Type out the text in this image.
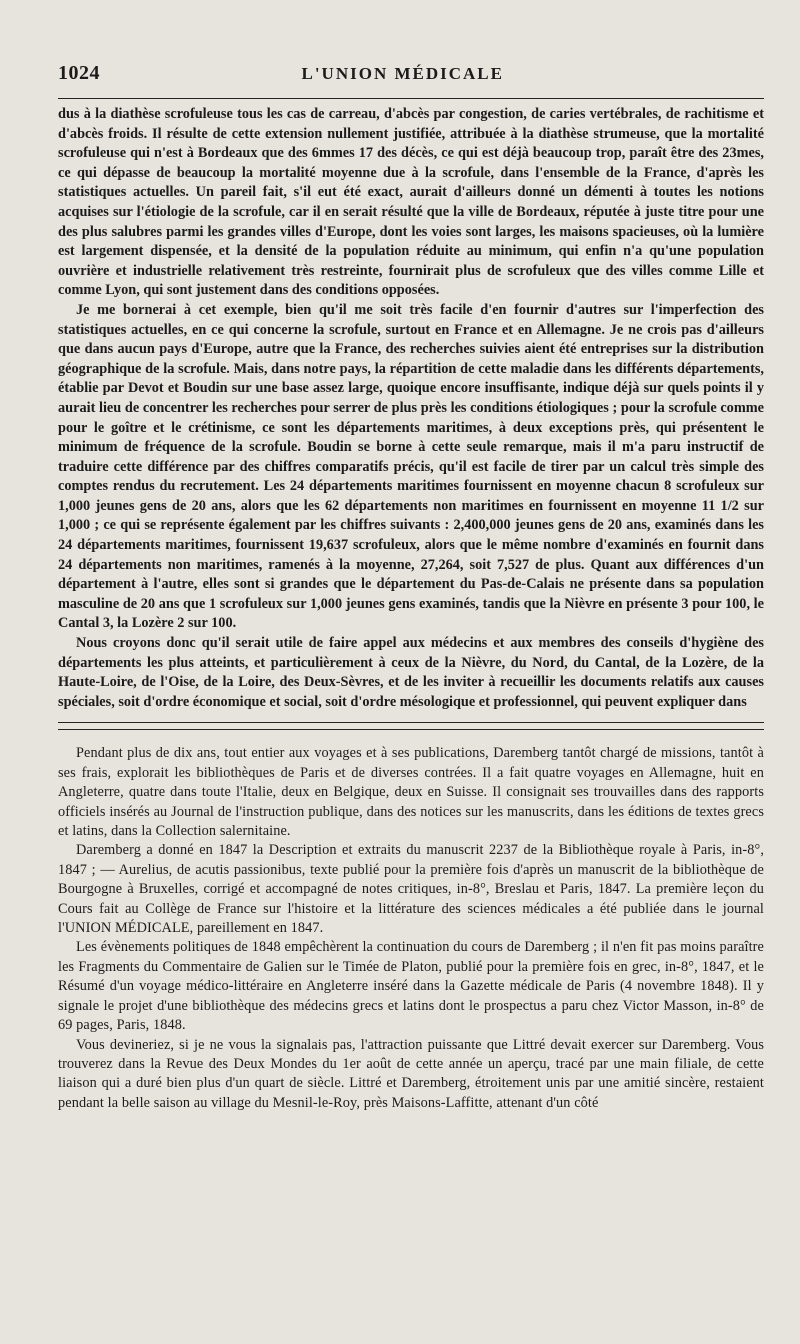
1024	L'UNION MÉDICALE

dus à la diathèse scrofuleuse tous les cas de carreau, d'abcès par congestion, de caries vertébrales, de rachitisme et d'abcès froids. Il résulte de cette extension nullement justifiée, attribuée à la diathèse strumeuse, que la mortalité scrofuleuse qui n'est à Bordeaux que des 6mmes 17 des décès, ce qui est déjà beaucoup trop, paraît être des 23mes, ce qui dépasse de beaucoup la mortalité moyenne due à la scrofule, dans l'ensemble de la France, d'après les statistiques actuelles. Un pareil fait, s'il eut été exact, aurait d'ailleurs donné un démenti à toutes les notions acquises sur l'étiologie de la scrofule, car il en serait résulté que la ville de Bordeaux, réputée à juste titre pour une des plus salubres parmi les grandes villes d'Europe, dont les voies sont larges, les maisons spacieuses, où la lumière est largement dispensée, et la densité de la population réduite au minimum, qui enfin n'a qu'une population ouvrière et industrielle relativement très restreinte, fournirait plus de scrofuleux que des villes comme Lille et comme Lyon, qui sont justement dans des conditions opposées.

Je me bornerai à cet exemple, bien qu'il me soit très facile d'en fournir d'autres sur l'imperfection des statistiques actuelles, en ce qui concerne la scrofule, surtout en France et en Allemagne. Je ne crois pas d'ailleurs que dans aucun pays d'Europe, autre que la France, des recherches suivies aient été entreprises sur la distribution géographique de la scrofule. Mais, dans notre pays, la répartition de cette maladie dans les différents départements, établie par Devot et Boudin sur une base assez large, quoique encore insuffisante, indique déjà sur quels points il y aurait lieu de concentrer les recherches pour serrer de plus près les conditions étiologiques ; pour la scrofule comme pour le goître et le crétinisme, ce sont les départements maritimes, à deux exceptions près, qui présentent le minimum de fréquence de la scrofule. Boudin se borne à cette seule remarque, mais il m'a paru instructif de traduire cette différence par des chiffres comparatifs précis, qu'il est facile de tirer par un calcul très simple des comptes rendus du recrutement. Les 24 départements maritimes fournissent en moyenne chacun 8 scrofuleux sur 1,000 jeunes gens de 20 ans, alors que les 62 départements non maritimes en fournissent en moyenne 11 1/2 sur 1,000 ; ce qui se représente également par les chiffres suivants : 2,400,000 jeunes gens de 20 ans, examinés dans les 24 départements maritimes, fournissent 19,637 scrofuleux, alors que le même nombre d'examinés en fournit dans 24 départements non maritimes, ramenés à la moyenne, 27,264, soit 7,527 de plus. Quant aux différences d'un département à l'autre, elles sont si grandes que le département du Pas-de-Calais ne présente dans sa population masculine de 20 ans que 1 scrofuleux sur 1,000 jeunes gens examinés, tandis que la Nièvre en présente 3 pour 100, le Cantal 3, la Lozère 2 sur 100.

Nous croyons donc qu'il serait utile de faire appel aux médecins et aux membres des conseils d'hygiène des départements les plus atteints, et particulièrement à ceux de la Nièvre, du Nord, du Cantal, de la Lozère, de la Haute-Loire, de l'Oise, de la Loire, des Deux-Sèvres, et de les inviter à recueillir les documents relatifs aux causes spéciales, soit d'ordre économique et social, soit d'ordre mésologique et professionnel, qui peuvent expliquer dans

Pendant plus de dix ans, tout entier aux voyages et à ses publications, Daremberg tantôt chargé de missions, tantôt à ses frais, explorait les bibliothèques de Paris et de diverses contrées. Il a fait quatre voyages en Allemagne, huit en Angleterre, quatre dans toute l'Italie, deux en Belgique, deux en Suisse. Il consignait ses trouvailles dans des rapports officiels insérés au Journal de l'instruction publique, dans des notices sur les manuscrits, dans les éditions de textes grecs et latins, dans la Collection salernitaine.

Daremberg a donné en 1847 la Description et extraits du manuscrit 2237 de la Bibliothèque royale à Paris, in-8°, 1847 ; — Aurelius, de acutis passionibus, texte publié pour la première fois d'après un manuscrit de la bibliothèque de Bourgogne à Bruxelles, corrigé et accompagné de notes critiques, in-8°, Breslau et Paris, 1847. La première leçon du Cours fait au Collège de France sur l'histoire et la littérature des sciences médicales a été publiée dans le journal l'UNION MÉDICALE, pareillement en 1847.

Les évènements politiques de 1848 empêchèrent la continuation du cours de Daremberg ; il n'en fit pas moins paraître les Fragments du Commentaire de Galien sur le Timée de Platon, publié pour la première fois en grec, in-8°, 1847, et le Résumé d'un voyage médico-littéraire en Angleterre inséré dans la Gazette médicale de Paris (4 novembre 1848). Il y signale le projet d'une bibliothèque des médecins grecs et latins dont le prospectus a paru chez Victor Masson, in-8° de 69 pages, Paris, 1848.

Vous devineriez, si je ne vous la signalais pas, l'attraction puissante que Littré devait exercer sur Daremberg. Vous trouverez dans la Revue des Deux Mondes du 1er août de cette année un aperçu, tracé par une main filiale, de cette liaison qui a duré bien plus d'un quart de siècle. Littré et Daremberg, étroitement unis par une amitié sincère, restaient pendant la belle saison au village du Mesnil-le-Roy, près Maisons-Laffitte, attenant d'un côté
